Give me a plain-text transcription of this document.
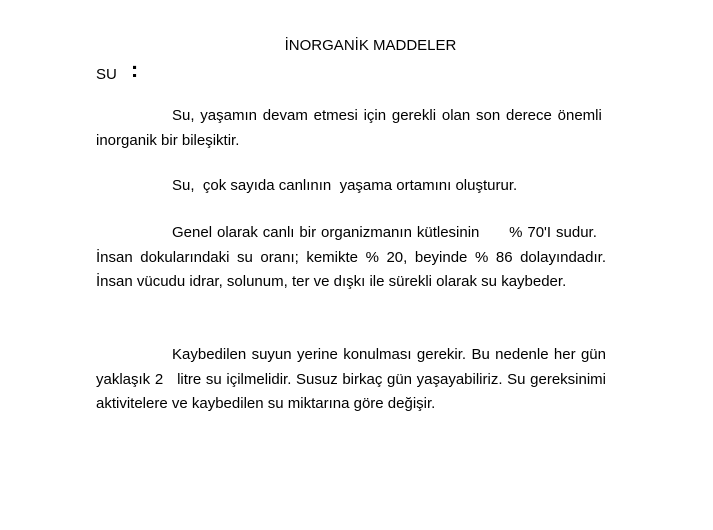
İNORGANİK MADDELER
SU :

Su, yaşamın devam etmesi için gerekli olan son derece önemli  inorganik bir bileşiktir.

Su,  çok sayıda canlının  yaşama ortamını oluşturur.

Genel olarak canlı bir organizmanın kütlesinin      % 70'I sudur.   İnsan dokularındaki su oranı; kemikte % 20, beyinde % 86 dolayındadır. İnsan vücudu idrar, solunum, ter ve dışkı ile sürekli olarak su kaybeder.

Kaybedilen suyun yerine konulması gerekir. Bu nedenle her gün yaklaşık 2   litre su içilmelidir. Susuz birkaç gün yaşayabiliriz. Su gereksinimi aktivitelere ve kaybedilen su miktarına göre değişir.
